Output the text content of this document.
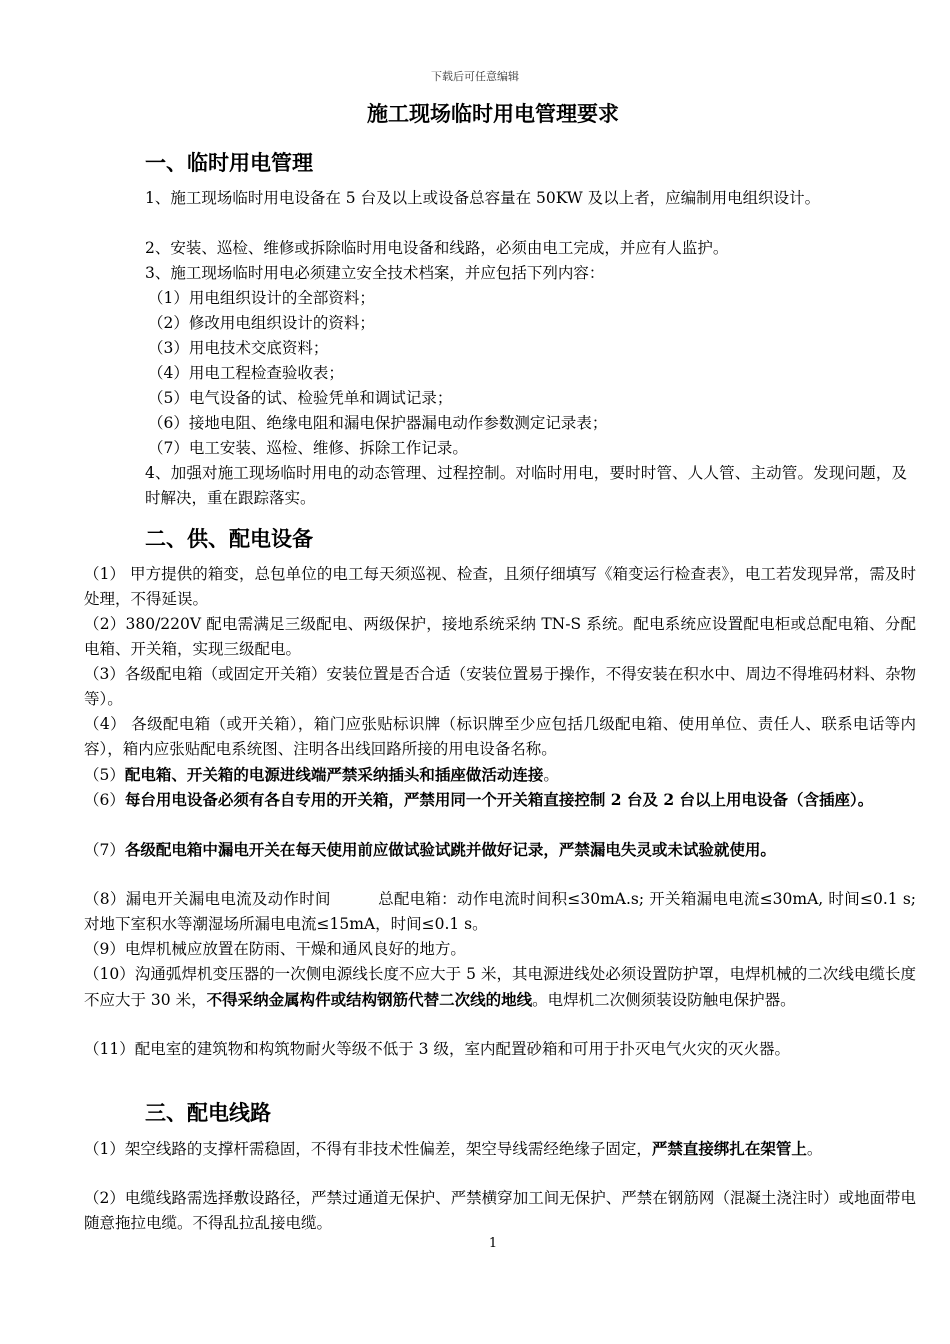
下载后可任意编辑
施工现场临时用电管理要求
一、临时用电管理
1、施工现场临时用电设备在 5 台及以上或设备总容量在 50KW 及以上者，应编制用电组织设计。
2、安装、巡检、维修或拆除临时用电设备和线路，必须由电工完成，并应有人监护。
3、施工现场临时用电必须建立安全技术档案，并应包括下列内容：
（1）用电组织设计的全部资料；
（2）修改用电组织设计的资料；
（3）用电技术交底资料；
（4）用电工程检查验收表；
（5）电气设备的试、检验凭单和调试记录；
（6）接地电阻、绝缘电阻和漏电保护器漏电动作参数测定记录表；
（7）电工安装、巡检、维修、拆除工作记录。
4、加强对施工现场临时用电的动态管理、过程控制。对临时用电，要时时管、人人管、主动管。发现问题，及时解决，重在跟踪落实。
二、供、配电设备
（1） 甲方提供的箱变，总包单位的电工每天须巡视、检查，且须仔细填写《箱变运行检查表》，电工若发现异常，需及时处理，不得延误。
（2）380/220V 配电需满足三级配电、两级保护，接地系统采纳 TN-S 系统。配电系统应设置配电柜或总配电箱、分配电箱、开关箱，实现三级配电。
（3）各级配电箱（或固定开关箱）安装位置是否合适（安装位置易于操作，不得安装在积水中、周边不得堆码材料、杂物等）。
（4） 各级配电箱（或开关箱），箱门应张贴标识牌（标识牌至少应包括几级配电箱、使用单位、责任人、联系电话等内容），箱内应张贴配电系统图、注明各出线回路所接的用电设备名称。
（5）配电箱、开关箱的电源进线端严禁采纳插头和插座做活动连接。
（6）每台用电设备必须有各自专用的开关箱，严禁用同一个开关箱直接控制 2 台及 2 台以上用电设备（含插座）。
（7）各级配电箱中漏电开关在每天使用前应做试验试跳并做好记录，严禁漏电失灵或未试验就使用。
（8）漏电开关漏电电流及动作时间　　　总配电箱：动作电流时间积≤30mA.s; 开关箱漏电电流≤30mA, 时间≤0.1 s;对地下室积水等潮湿场所漏电电流≤15mA，时间≤0.1 s。
（9）电焊机械应放置在防雨、干燥和通风良好的地方。
（10）沟通弧焊机变压器的一次侧电源线长度不应大于 5 米，其电源进线处必须设置防护罩，电焊机械的二次线电缆长度不应大于 30 米，不得采纳金属构件或结构钢筋代替二次线的地线。电焊机二次侧须装设防触电保护器。
（11）配电室的建筑物和构筑物耐火等级不低于 3 级，室内配置砂箱和可用于扑灭电气火灾的灭火器。
三、配电线路
（1）架空线路的支撑杆需稳固，不得有非技术性偏差，架空导线需经绝缘子固定，严禁直接绑扎在架管上。
（2）电缆线路需选择敷设路径，严禁过通道无保护、严禁横穿加工间无保护、严禁在钢筋网（混凝土浇注时）或地面带电随意拖拉电缆。不得乱拉乱接电缆。
1
